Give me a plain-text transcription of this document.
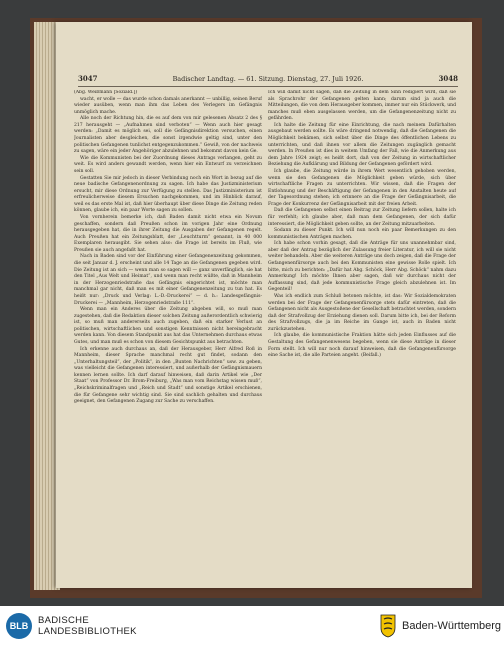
3047	Badischer Landtag. — 61. Sitzung. Dienstag, 27. Juli 1926.	3048

(Abg. Weißmann [Soziald.])

wacht, er wolle — das wurde schon damals anerkannt — unbillig, seinen Beruf wieder ausüben, wenn man ihm das Leben des Verlegers im Gefängnis unmöglich mache.

Alle noch der Richtung hin, die es auf dem von mir gelesenen Absatz 2 des § 217 herausgeht — „Aufnahmen sind verboten“ — Wenn auch hier gesagt werden: „Damit es möglich sei, soll die Gefängnisdirektion versuchen, einen Journalisten aber desgleichen, die sonst irgendwie geltig sind, unter den politischen Gefangenen tunlichst entgegenzukommen.“ Gewiß, von der nachweis zu sagen, wäre ein jeder Angehöriger abzulehnen und bekommt davon kein Ge.

Wie die Kommunisten bei der Zuordnung dieses Antrags verlangen, geht zu weit. Es wird anders gewandt werden, wenn hier ein Entwurf zu verzeichnen sein soll.

Gestatten Sie mir jedoch in dieser Verbindung noch ein Wort in bezug auf die neue badische Gefangenenordnung zu sagen. Ich habe das Justizministerium ersucht, mir diese Ordnung zur Verfügung zu stellen. Das Justizministerium ist erfreulicherweise diesem Ersuchen nachgekommen, und im Hinblick darauf, weil es das erste Mal ist, daß hier überhaupt über diese Dinge die Zeitung reden können, glaube ich, ein paar Worte sagen zu sollen.

Von vornherein bemerke ich, daß Baden damit nicht etwa ein Novum geschaffen, sondern daß Preußen schon im vorigen Jahr eine Ordnung herausgegeben hat, die in ihrer Zeitung die Ausgaben der Gefangenen regelt. Auch Preußen hat ein Zeitungsblatt, der „Leuchtturm“ genannt, in 40 000 Exemplaren herausgibt. Sie sehen also: die Frage ist bereits im Fluß, wie Preußen sie auch angefaßt hat.

Nach in Baden sind vor der Einführung einer Gefangenenzeitung gekommen, die seit Januar d. J. erscheint und alle 14 Tage an die Gefangenen gegeben wird. Die Zeitung ist an sich — wenn man so sagen will — ganz unverfänglich, sie hat den Titel „Aus Welt und Heimat“, und wenn man recht wüßte, daß in Mannheim in der Herzogenriedstraße das Gefängnis eingerichtet ist, möchte man manchmal gar nicht, daß man es mit einer Gefangenenzeitung zu tun hat. Es heißt nur: „Druck und Verlag: L.-D.-Druckerei“ — d. h.: Landesgefängnis-Druckerei — „Mannheim, Herzogenriedstraße 111“.

Wenn man ein Anderes über die Zeitung abgeben will, so muß man zugestehen, daß die Redaktion dieser solchen Zeitung außerordentlich schwierig ist, so muß man andererseits auch zugeben, daß ein starker Verlust an politischen, wirtschaftlichen und sonstigen Kenntnissen nicht hereingebracht werden kann. Von diesem Standpunkt aus hat das Unternehmen durchaus etwas Gutes, und man muß es schon von diesem Gesichtspunkt aus betrachten.

Ich erkenne auch durchaus an, daß der Herausgeber, Herr Alfred Roß in Mannheim, dieser Sprache manchmal recht gut findet, sodann den „Unterhaltungsteil“, der „Politik“, in den „Bunten Nachrichten“ usw. zu geben, was vielleicht die Gefangenen interessiert, und außerhalb der Gefängnismauern kennen lernen sollte. Ich darf darauf hinweisen, daß darin Artikel wie „Der Staat“ von Professor Dr. Brom-Freiburg, „Was man vom Reichstag wissen muß“, „Reichskriminalfragen und „Reich und Stadt“ und sonstige Artikel erschienen, die für Gefangene sehr wichtig sind. Sie sind sachlich gehalten und durchaus geeignet, den Gefangenen Zugang zur Sache zu verschaffen.

Ich will damit nicht sagen, daß die Zeitung in dem Sinn redigiert wird, daß sie als Sprachrohr der Gefangenen gelten kann; darum sind ja auch die Mitteilungen, die von dem Herausgeber kommen, immer nur ein Stückwerk, und manches muß eben ausgelassen werden, um die Gefangenenzeitung nicht zu gefährden.

Ich halte die Zeitung für eine Einrichtung, die nach meinem Dafürhalten ausgebaut werden sollte. Es wäre dringend notwendig, daß die Gefangenen die Möglichkeit bekämen, sich selbst über die Dinge des öffentlichen Lebens zu unterrichten, und daß ihnen vor allem die Zeitungen zugänglich gemacht werden. In Preußen ist dies in weitem Umfang der Fall, wie die Anmerkung aus dem Jahre 1924 zeigt; es heißt dort, daß von der Zeitung in wirtschaftlicher Beziehung die Aufklärung und Bildung der Gefangenen gefördert wird.

Ich glaube, die Zeitung würde in ihrem Wert wesentlich gehoben werden, wenn sie den Gefangenen die Möglichkeit geben würde, sich über wirtschaftliche Fragen zu unterrichten. Wir wissen, daß die Fragen der Entlohnung und der Beschäftigung der Gefangenen in den Anstalten heute auf der Tagesordnung stehen; ich erinnere an die Frage der Gefängnisarbeit, die Frage der Konkurrenz der Gefängnisarbeit mit der freien Arbeit.

Daß die Gefangenen selbst einen Beitrag zur Zeitung liefern sollen, halte ich für verfehlt; ich glaube aber, daß man dem Gefangenen, der sich dafür interessiert, die Möglichkeit geben sollte, an der Zeitung mitzuarbeiten.

Sodann zu dieser Punkt. Ich will nun noch ein paar Bemerkungen zu den kommunistischen Anträgen machen.

Ich habe schon vorhin gesagt, daß die Anträge für uns unannehmbar sind, aber daß der Antrag bezüglich der Zulassung freier Literatur, ich will sie nicht weiter behandeln. Aber die weiteren Anträge uns doch zeigen, daß die Frage der Gefangenenfürsorge auch bei den Kommunisten eine gewisse Rolle spielt. Ich bitte, mich zu berichten: „Dafür hat Abg. Schöck, Herr Abg. Schöck“ nahm dazu Anmerkung! Ich möchte Ihnen aber sagen, daß wir durchaus nicht der Auffassung sind, daß jede kommunistische Frage gleich abzulehnen ist. Im Gegenteil!

Was ich endlich zum Schluß betonen möchte, ist das: Wir Sozialdemokraten werden bei der Frage der Gefangenenfürsorge stets dafür eintreten, daß die Gefangenen nicht als Ausgestoßene der Gesellschaft betrachtet werden, sondern daß der Strafvollzug der Erziehung dienen soll. Darum bitte ich, bei der Reform des Strafvollzugs, die ja im Reiche im Gange ist, auch in Baden nicht zurückzustehen.

Ich glaube, die kommunistische Fraktion hätte sich jeden Einflusses auf die Gestaltung des Gefangenenwesens begeben, wenn sie diese Anträge in dieser Form stellt. Ich will nur noch darauf hinweisen, daß die Gefangenenfürsorge eine Sache ist, die alle Parteien angeht. (Beifall.)

BLB	BADISCHE
LANDESBIBLIOTHEK	Baden-Württemberg
